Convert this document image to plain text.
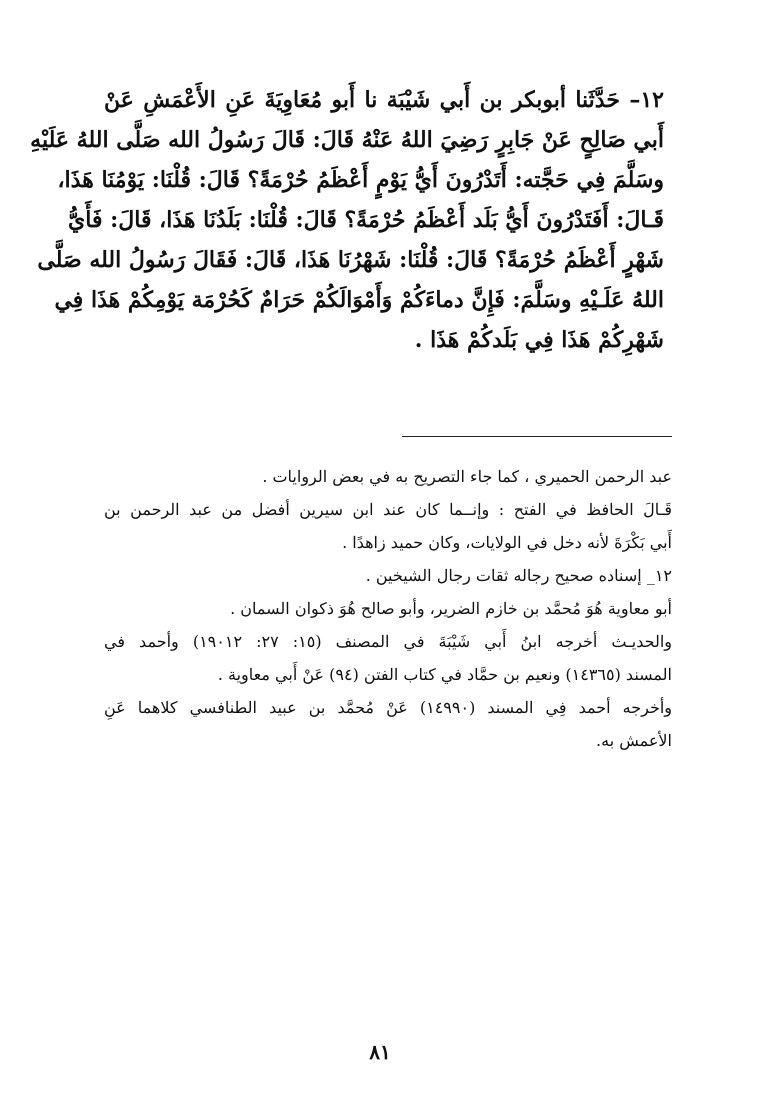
١٢– حَدَّثَنا أبوبكر بن أَبي شَيْبَة نا أَبو مُعَاوِيَةَ عَنِ الأَعْمَشِ عَنْ
أَبي صَالِحٍ عَنْ جَابِرٍ رَضِيَ اللهُ عَنْهُ قَالَ: قَالَ رَسُولُ الله صَلَّى اللهُ عَلَيْهِ
وسَلَّمَ فِي حَجَّته: أَتَدْرُونَ أَيُّ يَوْمٍ أَعْظَمُ حُرْمَةً؟ قَالَ: قُلْنَا: يَوْمُنَا هَذَا،
قَـالَ: أَفَتَدْرُونَ أَيُّ بَلَد أَعْظَمُ حُرْمَةً؟ قَالَ: قُلْنَا: بَلَدُنَا هَذَا، قَالَ: فَأَيُّ
شَهْرٍ أَعْظَمُ حُرْمَةً؟ قَالَ: قُلْنَا: شَهْرُنَا هَذَا، قَالَ: فَقَالَ رَسُولُ الله صَلَّى
اللهُ عَلَـيْهِ وسَلَّمَ: فَإِنَّ دماءَكُمْ وَأَمْوَالَكُمْ حَرَامٌ كَحُرْمَة يَوْمِكُمْ هَذَا فِي
شَهْرِكُمْ هَذَا فِي بَلَدكُمْ هَذَا .
عبد الرحمن الحميري ، كما جاء التصريح به في بعض الروايات .
قَـالَ الحافظ في الفتح : وإنــما كان عند ابن سيرين أفضل من عبد الرحمن بن
أَبي بَكْرَةَ لأنه دخل في الولايات، وكان حميد زاهدًا .
١٢_ إسناده صحيح رجاله ثقات رجال الشيخين .
أبو معاوية هُوَ مُحمَّد بن خازم الضرير، وأبو صالح هُوَ ذكوان السمان .
والحديـث أخرجه ابنُ أَبي شَيْبَةَ في المصنف (١٥: ٢٧: ١٩٠١٢) وأحمد في
المسند (١٤٣٦٥) ونعيم بن حمَّاد في كتاب الفتن (٩٤) عَنْ أَبي معاوية .
وأخرجه أحمد فِي المسند (١٤٩٩٠) عَنْ مُحمَّد بن عبيد الطنافسي كلاهما عَنِ
الأعمش به.
٨١
